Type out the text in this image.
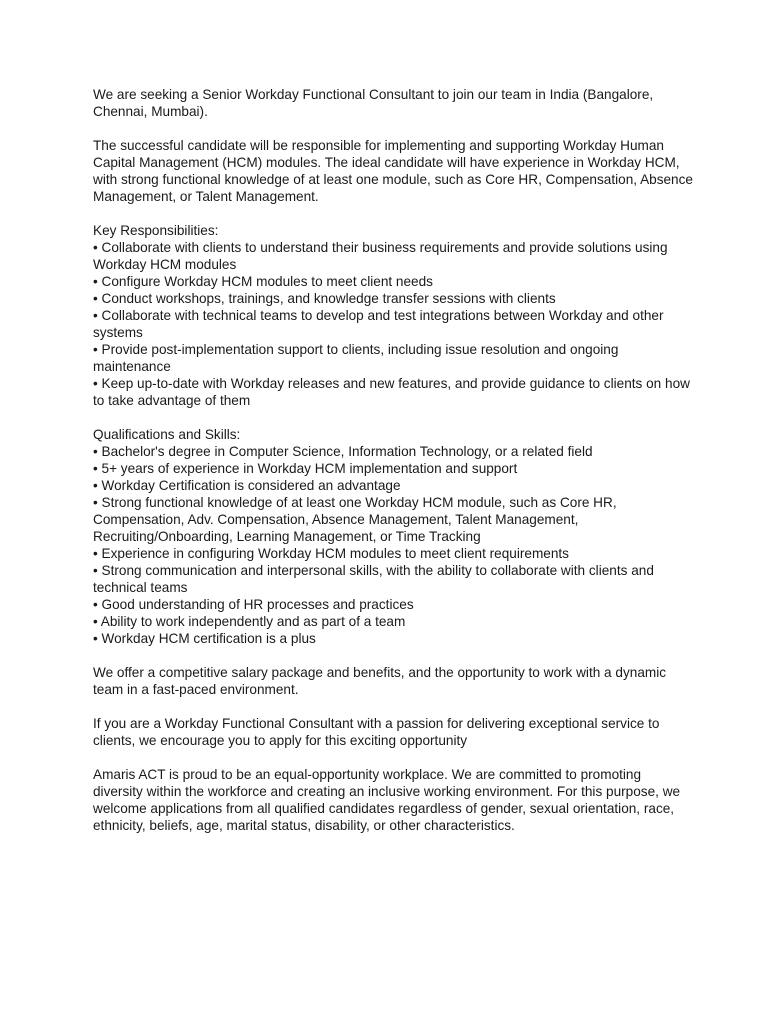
We are seeking a Senior Workday Functional Consultant to join our team in India (Bangalore, Chennai, Mumbai).

The successful candidate will be responsible for implementing and supporting Workday Human Capital Management (HCM) modules. The ideal candidate will have experience in Workday HCM, with strong functional knowledge of at least one module, such as Core HR, Compensation, Absence Management, or Talent Management.

Key Responsibilities:

• Collaborate with clients to understand their business requirements and provide solutions using Workday HCM modules
• Configure Workday HCM modules to meet client needs
• Conduct workshops, trainings, and knowledge transfer sessions with clients
• Collaborate with technical teams to develop and test integrations between Workday and other systems
• Provide post-implementation support to clients, including issue resolution and ongoing maintenance
• Keep up-to-date with Workday releases and new features, and provide guidance to clients on how to take advantage of them

Qualifications and Skills:

• Bachelor's degree in Computer Science, Information Technology, or a related field
• 5+ years of experience in Workday HCM implementation and support
• Workday Certification is considered an advantage
• Strong functional knowledge of at least one Workday HCM module, such as Core HR, Compensation, Adv. Compensation, Absence Management, Talent Management, Recruiting/Onboarding, Learning Management, or Time Tracking
• Experience in configuring Workday HCM modules to meet client requirements
• Strong communication and interpersonal skills, with the ability to collaborate with clients and technical teams
• Good understanding of HR processes and practices
• Ability to work independently and as part of a team
• Workday HCM certification is a plus

We offer a competitive salary package and benefits, and the opportunity to work with a dynamic team in a fast-paced environment.

If you are a Workday Functional Consultant with a passion for delivering exceptional service to clients, we encourage you to apply for this exciting opportunity

Amaris ACT is proud to be an equal-opportunity workplace. We are committed to promoting diversity within the workforce and creating an inclusive working environment. For this purpose, we welcome applications from all qualified candidates regardless of gender, sexual orientation, race, ethnicity, beliefs, age, marital status, disability, or other characteristics.
